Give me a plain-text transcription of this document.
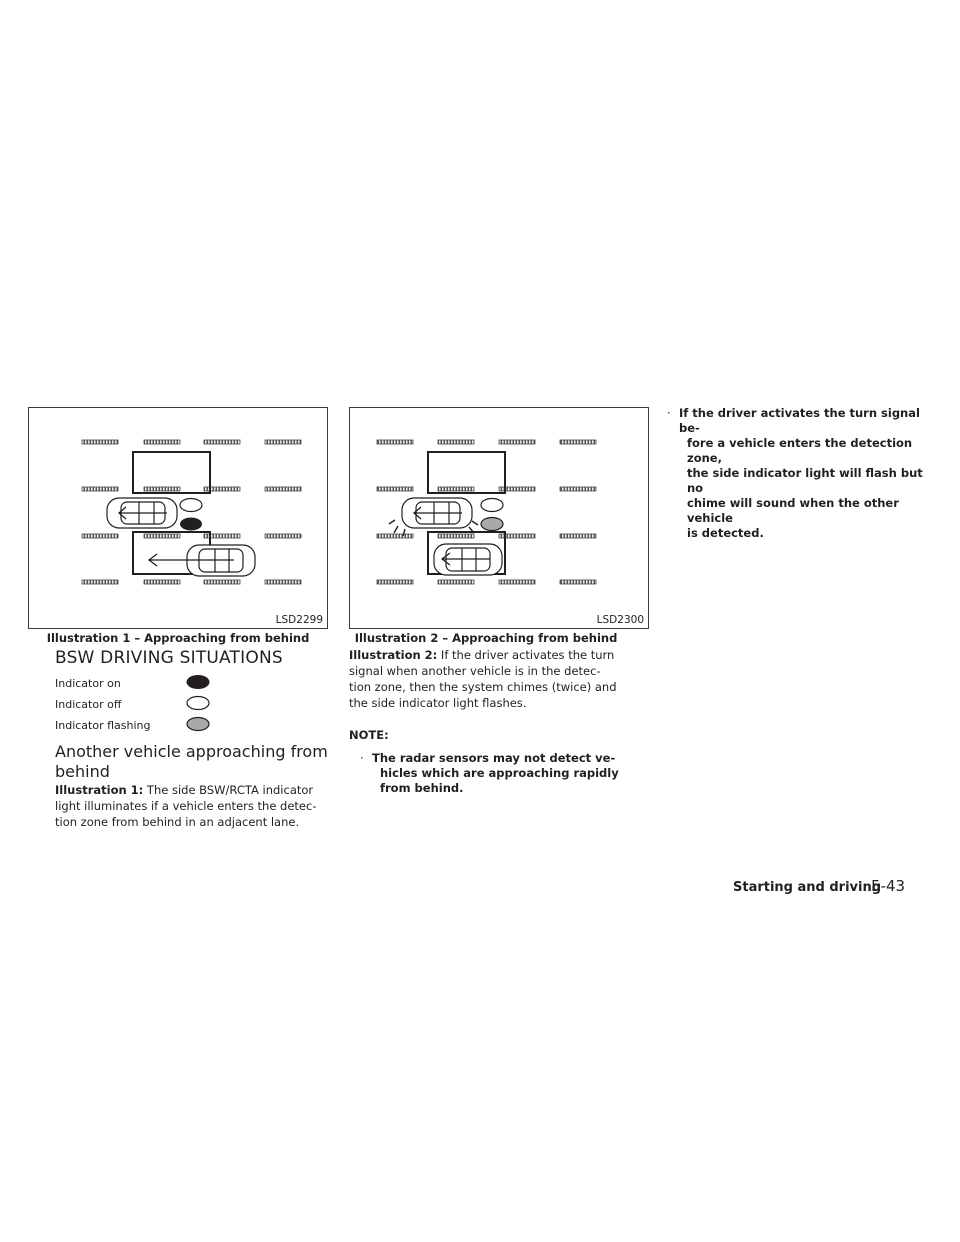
LSD2299
Illustration 1 – Approaching from behind
LSD2300
Illustration 2 – Approaching from behind
BSW DRIVING SITUATIONS
Indicator on
Indicator off
Indicator flashing
Another vehicle approaching from
behind
Illustration 1: The side BSW/RCTA indicator
light illuminates if a vehicle enters the detec-
tion zone from behind in an adjacent lane.
Illustration 2: If the driver activates the turn
signal when another vehicle is in the detec-
tion zone, then the system chimes (twice) and
the side indicator light flashes.
NOTE:
· The radar sensors may not detect ve-
hicles which are approaching rapidly
from behind.
· If the driver activates the turn signal be-
fore a vehicle enters the detection zone,
the side indicator light will flash but no
chime will sound when the other vehicle
is detected.
Starting and driving
5-43
